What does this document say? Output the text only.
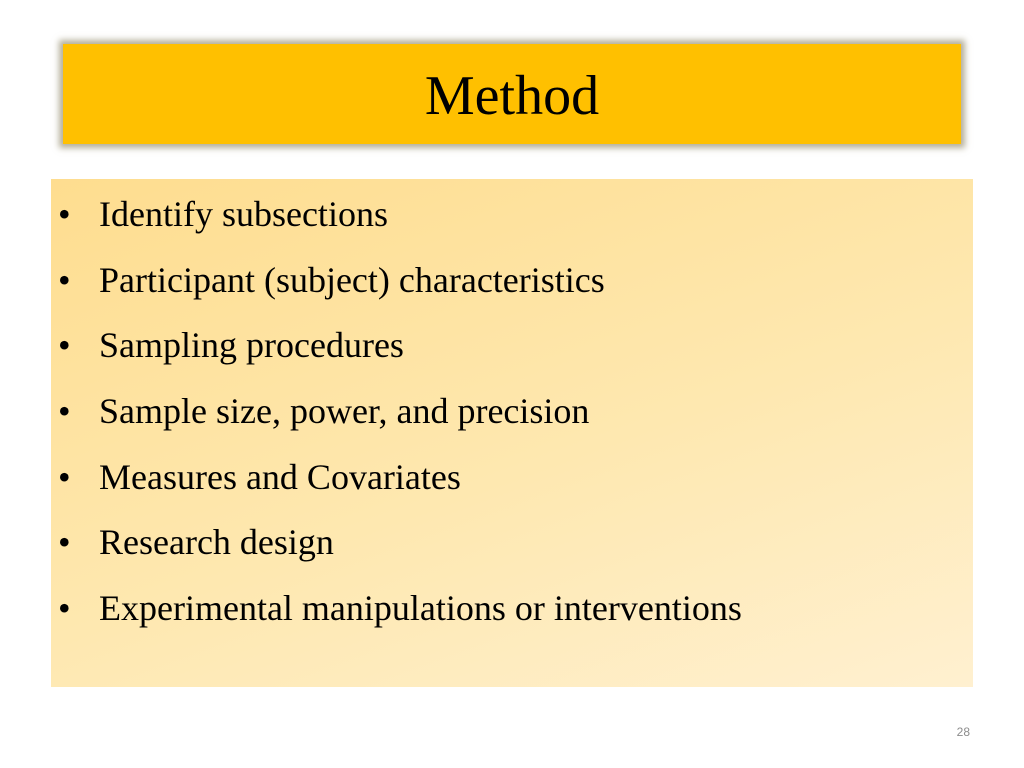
Method
• Identify subsections
• Participant (subject) characteristics
• Sampling procedures
• Sample size, power, and precision
• Measures and Covariates
• Research design
• Experimental manipulations or interventions
28
